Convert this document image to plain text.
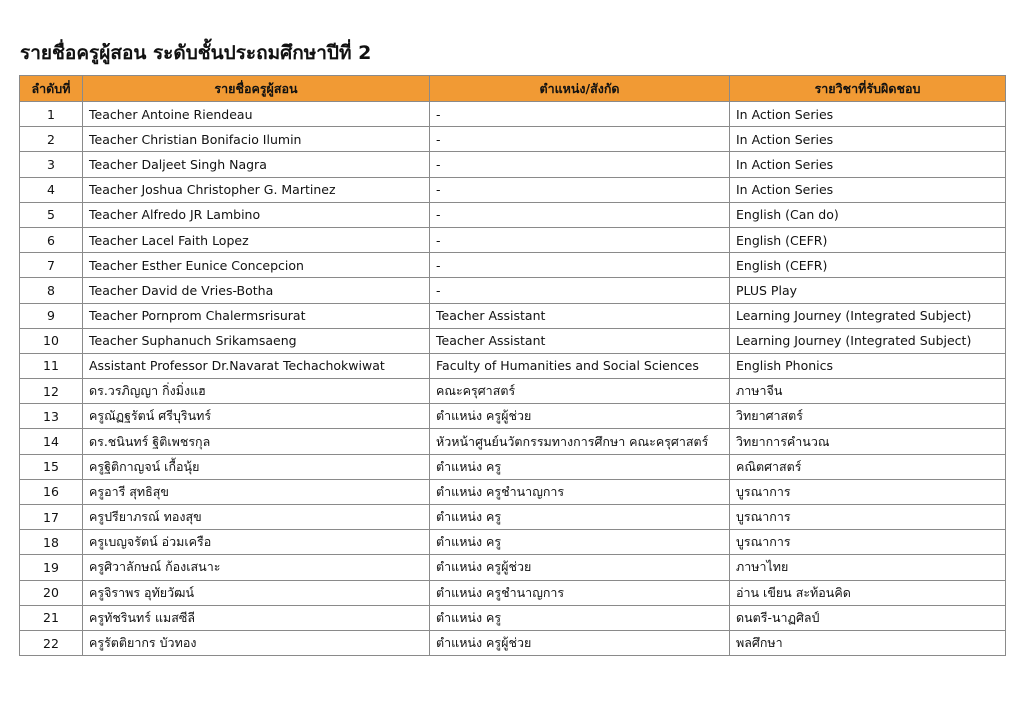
รายชื่อครูผู้สอน ระดับชั้นประถมศึกษาปีที่ 2
ลำดับที่	รายชื่อครูผู้สอน	ตำแหน่ง/สังกัด	รายวิชาที่รับผิดชอบ
1	Teacher Antoine Riendeau	-	In Action Series
2	Teacher Christian Bonifacio Ilumin	-	In Action Series
3	Teacher Daljeet Singh Nagra	-	In Action Series
4	Teacher Joshua Christopher G. Martinez	-	In Action Series
5	Teacher Alfredo JR Lambino	-	English (Can do)
6	Teacher Lacel Faith Lopez	-	English (CEFR)
7	Teacher Esther Eunice Concepcion	-	English (CEFR)
8	Teacher David de Vries-Botha	-	PLUS Play
9	Teacher Pornprom Chalermsrisurat	Teacher Assistant	Learning Journey (Integrated Subject)
10	Teacher Suphanuch Srikamsaeng	Teacher Assistant	Learning Journey (Integrated Subject)
11	Assistant Professor Dr.Navarat Techachokwiwat	Faculty of Humanities and Social Sciences	English Phonics
12	ดร.วรภิญญา กิ่งมิ่งแฮ	คณะครุศาสตร์	ภาษาจีน
13	ครูณัฏฐรัตน์ ศรีบุรินทร์	ตำแหน่ง ครูผู้ช่วย	วิทยาศาสตร์
14	ดร.ชนินทร์ ฐิติเพชรกุล	หัวหน้าศูนย์นวัตกรรมทางการศึกษา คณะครุศาสตร์	วิทยาการคำนวณ
15	ครูฐิติกาญจน์ เกื้อนุ้ย	ตำแหน่ง ครู	คณิตศาสตร์
16	ครูอารี สุทธิสุข	ตำแหน่ง ครูชำนาญการ	บูรณาการ
17	ครูปรียาภรณ์ ทองสุข	ตำแหน่ง ครู	บูรณาการ
18	ครูเบญจรัตน์ อ่วมเครือ	ตำแหน่ง ครู	บูรณาการ
19	ครูศิวาลักษณ์ ก้องเสนาะ	ตำแหน่ง ครูผู้ช่วย	ภาษาไทย
20	ครูจิราพร อุทัยวัฒน์	ตำแหน่ง ครูชำนาญการ	อ่าน เขียน สะท้อนคิด
21	ครูทัชรินทร์ แมสซีลี	ตำแหน่ง ครู	ดนตรี-นาฏศิลป์
22	ครูรัตติยากร บัวทอง	ตำแหน่ง ครูผู้ช่วย	พลศึกษา
